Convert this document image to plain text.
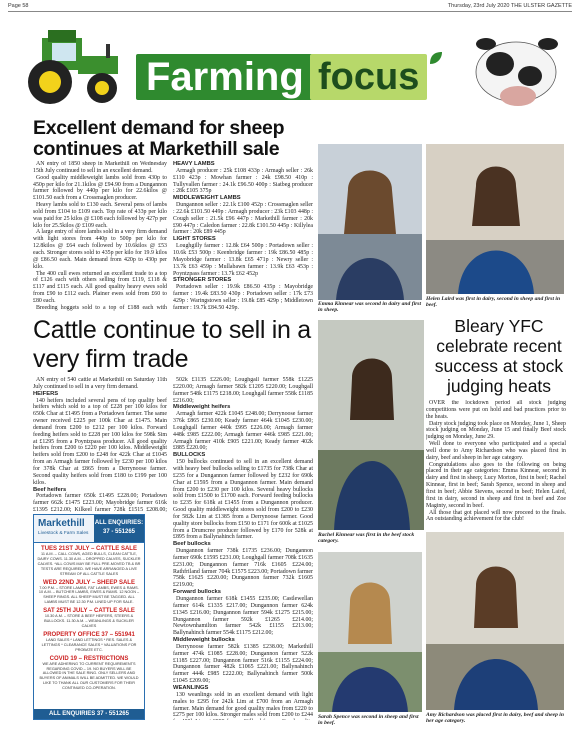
Page 58	Thursday, 23rd July 2020 THE ULSTER GAZETTE
Farming focus
Excellent demand for sheep continues at Markethill sale

AN entry of 1850 sheep in Markethill on Wednesday 15th July continued to sell in an excellent demand.

Good quality middleweight lambs sold from 430p to 450p per kilo for 21.1kilos @ £94.90 from a Dungannon farmer followed by 440p per kilo for 22.6kilos @ £101.50 each from a Crossmaglen producer.

Heavy lambs sold to £130 each. Several pens of lambs sold from £104 to £109 each. Top rate of 433p per kilo was paid for 25 kilos @ £108 each followed by 427p per kilo for 25.5kilos @ £109 each.

A large entry of store lambs sold in a very firm demand with light stores from 440p to 500p per kilo for 12.8kilos @ £64 each followed by 10.6kilos @ £53 each. Stronger stores sold to 435p per kilo for 19.9 kilos @ £86.50 each. Main demand from 420p to 430p per kilo.

The 400 cull ewes returned an excellent trade to a top of £126 each with others selling from £119, £118 & £117 and £115 each. All good quality heavy ewes sold from £90 to £112 each. Plainer ewes sold from £60 to £80 each.

Breeding hoggets sold to a top of £188 each with

HEAVY LAMBS

Armagh producer : 25k £108 433p : Armagh seller : 26k £110 423p : Mowhan farmer : 24k £98.50 410p : Tullyvallen farmer : 24.1k £96.50 400p : Siatbeg producer : 28k £105 375p

MIDDLEWEIGHT LAMBS

Dungannon seller : 22.1k £100 452p : Crossmaglen seller : 22.6k £101.50 449p : Armagh producer : 23k £103 448p : Cough seller : 21.5k £96 447p : Markethill farmer : 20k £90 447p : Caledon farmer : 22.8k £101.50 445p : Killylea farmer : 20k £89 445p

LIGHT STORES

Loughgilly farmer : 12.8k £64 500p : Portadown seller : 10.6k £53 500p : Keenbridge farmer : 19k £86.50 485p : Mayobridge farmer : 13.8k £65 471p : Newry seller : 13.7k £63 459p : Mullabawn farmer : 13.9k £63 453p : Poyntzpass farmer : 13.7k £62 452p

STRONGER STORES

Portadown seller : 19.9k £86.50 435p : Mayobridge farmer : 19.4k £83.50 430p : Portadown seller : 17k £73 429p : Waringstown seller : 19.8k £85 429p ; Middletown farmer : 19.7k £84.50 429p.

Cattle continue to sell in a very firm trade

AN entry of 540 cattle at Markethill on Saturday 11th July continued to sell in a very firm demand.

HEIFERS

140 heifers included several pens of top quality beef heifers which sold to a top of £228 per 100 kilos for 650k Char at £1495 from a Portadown farmer. The same owner received £225 per 100k Char at £1475. Main demand from £200 to £212 per 100 kilos. Forward feeding heifers sold to £228 per 100 kilos for 598k Sim at £1295 from a Poyntzpass producer. All good quality heifers from £200 to £220 per 100 kilos. Middleweight heifers sold from £200 to £248 for 422k Char at £1045 from an Armagh farmer followed by £230 per 100 kilos for 378k Char at £865 from a Derrynoose farmer. Second quality heifers sold from £180 to £199 per 100 kilos.

Beef heifers

Portadown farmer 650k £1495 £228.00; Portadown farmer 662k £1475 £223.00; Mayobridge farmer 616k £1395 £212.00; Kilkeel farmer 728k £1515 £208.00;

502k £1135 £226.00; Loughgall farmer 558k £1225 £220.00; Armagh farmer 582k £1205 £220.00; Loughgall farmer 548k £1175 £218.00; Loughgall farmer 558k £1185 £216.00;

Middleweight heifers

Armagh farmer 422k £1045 £248.00; Derrynoose farmer 376k £865 £230.00; Keady farmer 464k £1045 £230.00; Loughgall farmer 440k £995 £226.00; Armagh farmer 448k £985 £222.00; Armagh farmer 446k £985 £221.00; Armagh farmer 410k £905 £221.00; Keady farmer 402k £885 £220.00;

BULLOCKS

150 bullocks continued to sell in an excellent demand with heavy beef bullocks selling to £1735 for 738k Char at £235 for a Dungannon farmer followed by £232 for 690k Char at £1595 from a Dungannon farmer. Main demand from £200 to £230 per 100 kilos. Several heavy bullocks sold from £1500 to £1700 each. Forward feeding bullocks to £235 for 618k at £1455 from a Dungannon producer. Good quality middleweight stores sold from £200 to £230 for 582k Lim at £1385 from a Derrynoose farmer. Good quality store bullocks from £150 to £171 for 600k at £1025 from a Drumcree producer followed by £170 for 528k at £895 from a Ballynahinch farmer.

Beef bullocks

Dungannon farmer 738k £1735 £236.00; Dungannon farmer 690k £1595 £231.00; Loughgall farmer 708k £1635 £231.00; Dungannon farmer 716k £1605 £224.00; Rathfriland farmer 704k £1575 £223.00; Portadown farmer 758k £1625 £220.00; Dungannon farmer 732k £1605 £219.00;

Forward bullocks

Dungannon farmer 618k £1455 £235.00; Castlewellan farmer 614k £1335 £217.00; Dungannon farmer 624k £1345 £216.00; Dungannon farmer 594k £1275 £215.00; Dungannon farmer 592k £1265 £214.00; Newtownhamilton farmer 542k £1155 £213.00; Ballynahinch farmer 554k £1175 £212.00;

Middleweight bullocks

Derrynoose farmer 582k £1385 £238.00; Markethill farmer 474k £1085 £228.00; Dungannon farmer 522k £1185 £227.00; Dungannon farmer 516k £1155 £224.00; Dungannon farmer 482k £1065 £221.00; Ballynahinch farmer 444k £985 £222.00; Ballynahinch farmer 500k £1045 £209.00;

WEANLINGS

130 weanlings sold in an excellent demand with light males to £295 for 242k Lim at £700 from an Armagh farmer. Main demand for good quality males from £220 to £275 per 100 kilos. Stronger males sold from £200 to £244

Markethill
Livestock & Farm Sales
ALL ENQUIRIES: 37 - 551265
TUES 21ST JULY – CATTLE SALE
11 A.M. – CALL COWS, AGED BULLS, CLEAN CATTLE, DAIRY COWS. 11.30 A.M. – DROPPED CALVES, SUCKLER CALVES. *ALL COWS MAY BE FULL PRE-MOVED TB & BR TESTS ARE REQUIRED. WE HAVE ARRANGED A LIVE STREAM OF ALL CATTLE SALES
WED 22ND JULY – SHEEP SALE
7.00 P.M. – STORE LAMBS, FAT LAMBS, EWES & RAMS. 10 A.M. – BUTCHER LAMBS, EWES & RAMS. 12 NOON – SHEEP RINGS. ALL SHEEP MUST BE TAGGED. ALL LAMBS MUST BE 12.30 P.M. LINED UP FOR SALE.
SAT 25TH JULY – CATTLE SALE
10.30 A.M. – STORE & BEEF HEIFERS, STEERS & BULLOCKS. 11.30 A.M. – WEANLINGS & SUCKLER CALVES
PROPERTY OFFICE 37 – 551941
LAND SALES * LAND LETTINGS * RES. SALES & LETTINGS * CLEARANCE SALES * VALUATIONS FOR PROBATE ETC.
COVID 19 – RESTRICTIONS
WE ARE ADHERING TO CURRENT REQUIREMENTS REGARDING COVID – 19. NO BUYERS WILL BE ALLOWED IN THE SALE RING. ONLY SELLERS AND BUYERS OF ANIMALS WILL BE ADMITTED. WE WOULD LIKE TO THANK ALL OUR CUSTOMERS FOR THEIR CONTINUED CO-OPERATION.
ALL ENQUIRIES 37 - 551265
Emma Kinnear was second in dairy and first in sheep.
Helen Laird was first in dairy, second in sheep and first in beef.
Bleary YFC celebrate recent success at stock judging heats
Rachel Kinnear was first in the beef stock category.

OVER the lockdown period all stock judging competitions were put on hold and bad practices prior to the heats.

Dairy stock judging took place on Monday, June 1, Sheep stock judging on Monday, June 15 and finally Beef stock judging on Monday, June 29.

Well done to everyone who participated and a special well done to Amy Richardson who was placed first in dairy, beef and sheep in her age category.

Congratulations also goes to the following on being placed in their age categories: Emma Kinnear, second in dairy and first in sheep; Lucy Morton, first in beef; Rachel Kinnear, first in beef; Sarah Spence, second in sheep and first in beef; Abbie Stevens, second in beef; Helen Laird, first in dairy, second in sheep and first in beef and Zoe Maginty, second in beef.

All those that got placed will now proceed to the finals. An outstanding achievement for the club!

Sarah Spence was second in sheep and first in beef.
Amy Richardson was placed first in dairy, beef and sheep in her age category.
